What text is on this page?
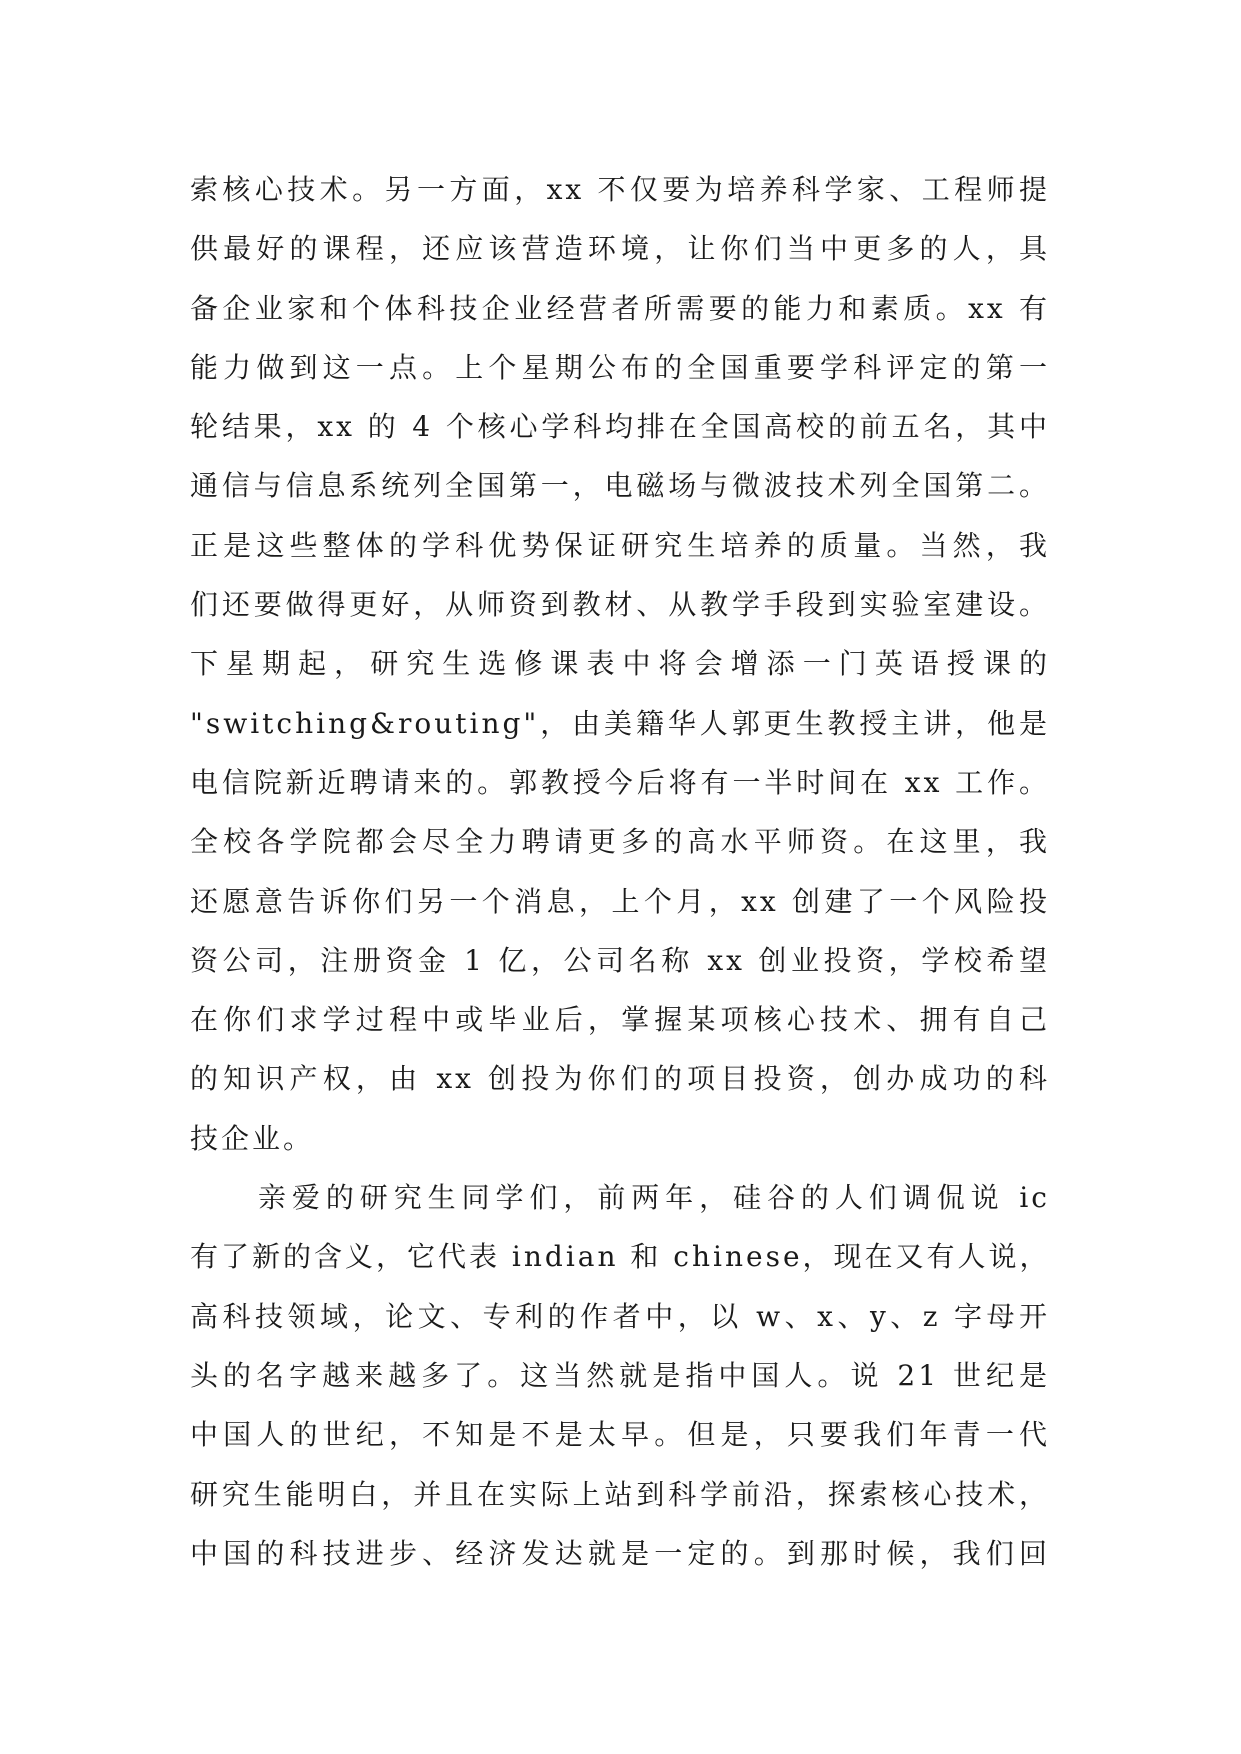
索核心技术。另一方面，xx 不仅要为培养科学家、工程师提
供最好的课程，还应该营造环境，让你们当中更多的人，具
备企业家和个体科技企业经营者所需要的能力和素质。xx 有
能力做到这一点。上个星期公布的全国重要学科评定的第一
轮结果，xx 的 4 个核心学科均排在全国高校的前五名，其中
通信与信息系统列全国第一，电磁场与微波技术列全国第二。
正是这些整体的学科优势保证研究生培养的质量。当然，我
们还要做得更好，从师资到教材、从教学手段到实验室建设。
下星期起，研究生选修课表中将会增添一门英语授课的
"switching&routing"，由美籍华人郭更生教授主讲，他是
电信院新近聘请来的。郭教授今后将有一半时间在 xx 工作。
全校各学院都会尽全力聘请更多的高水平师资。在这里，我
还愿意告诉你们另一个消息，上个月，xx 创建了一个风险投
资公司，注册资金 1 亿，公司名称 xx 创业投资，学校希望
在你们求学过程中或毕业后，掌握某项核心技术、拥有自己
的知识产权，由 xx 创投为你们的项目投资，创办成功的科
技企业。
亲爱的研究生同学们，前两年，硅谷的人们调侃说 ic
有了新的含义，它代表 indian 和 chinese，现在又有人说，
高科技领域，论文、专利的作者中，以 w、x、y、z 字母开
头的名字越来越多了。这当然就是指中国人。说 21 世纪是
中国人的世纪，不知是不是太早。但是，只要我们年青一代
研究生能明白，并且在实际上站到科学前沿，探索核心技术，
中国的科技进步、经济发达就是一定的。到那时候，我们回
